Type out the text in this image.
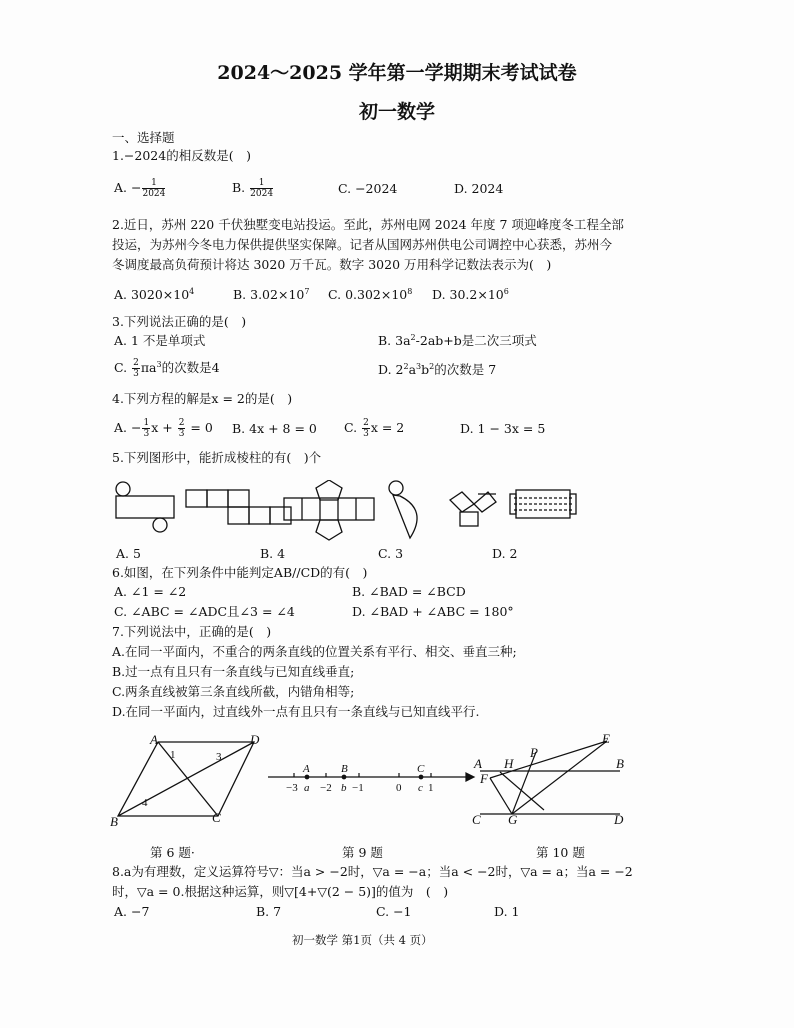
2024～2025 学年第一学期期末考试试卷
初一数学
一、选择题
1.−2024的相反数是(　)
A. − $\frac{1}{2024}$	B. $\frac{1}{2024}$	C. −2024	D. 2024
2.近日，苏州 220 千伏独墅变电站投运。至此，苏州电网 2024 年度 7 项迎峰度冬工程全部
投运，为苏州今冬电力保供提供坚实保障。记者从国网苏州供电公司调控中心获悉，苏州今
冬调度最高负荷预计将达 3020 万千瓦。数字 3020 万用科学记数法表示为(　)
A. $3020\times 10^4$	B. $3.02\times 10^7$ C. $0.302\times 10^8$ D. $30.2\times 10^6$
3.下列说法正确的是(　)
A. 1 不是单项式	B. $3a^2-2ab+b$是二次三项式
C. $\frac{2}{3} \pi a^3$的次数是4	D. $2^2a^3b^2$的次数是 7
4.下列方程的解是x = 2的是(　)
A. − $\frac{1}{3}$ $x + \frac{2}{3} = 0$ B. 4x + 8 = 0 C. $\frac{2}{3}$ x = 2	D. 1 − 3x = 5
5.下列图形中，能折成棱柱的有(　)个
A. 5	B. 4	C. 3	D. 2
6.如图，在下列条件中能判定AB//CD的有(　)
A. ∠1 = ∠2	B. ∠BAD = ∠BCD
C. ∠ABC = ∠ADC且∠3 = ∠4	D. ∠BAD + ∠ABC = 180°
7.下列说法中，正确的是(　)
A.在同一平面内，不重合的两条直线的位置关系有平行、相交、垂直三种;
B.过一点有且只有一条直线与已知直线垂直;
C.两条直线被第三条直线所截，内错角相等;
D.在同一平面内，过直线外一点有且只有一条直线与已知直线平行.
A	D
B	C
1	3
4
A	B	C
−3 a −2 b −1	0 c 1
A H
P
E
B
F
C G	D
第 6 题·	第 9 题	第 10 题
8.a为有理数，定义运算符号▽：当a > −2时，▽a = −a；当a < −2时，▽a = a；当a = −2
时，▽a = 0.根据这种运算，则▽[4+▽(2 − 5)]的值为　(　)
A. −7	B. 7	C. −1	D. 1
初一数学 第1页（共 4 页）
